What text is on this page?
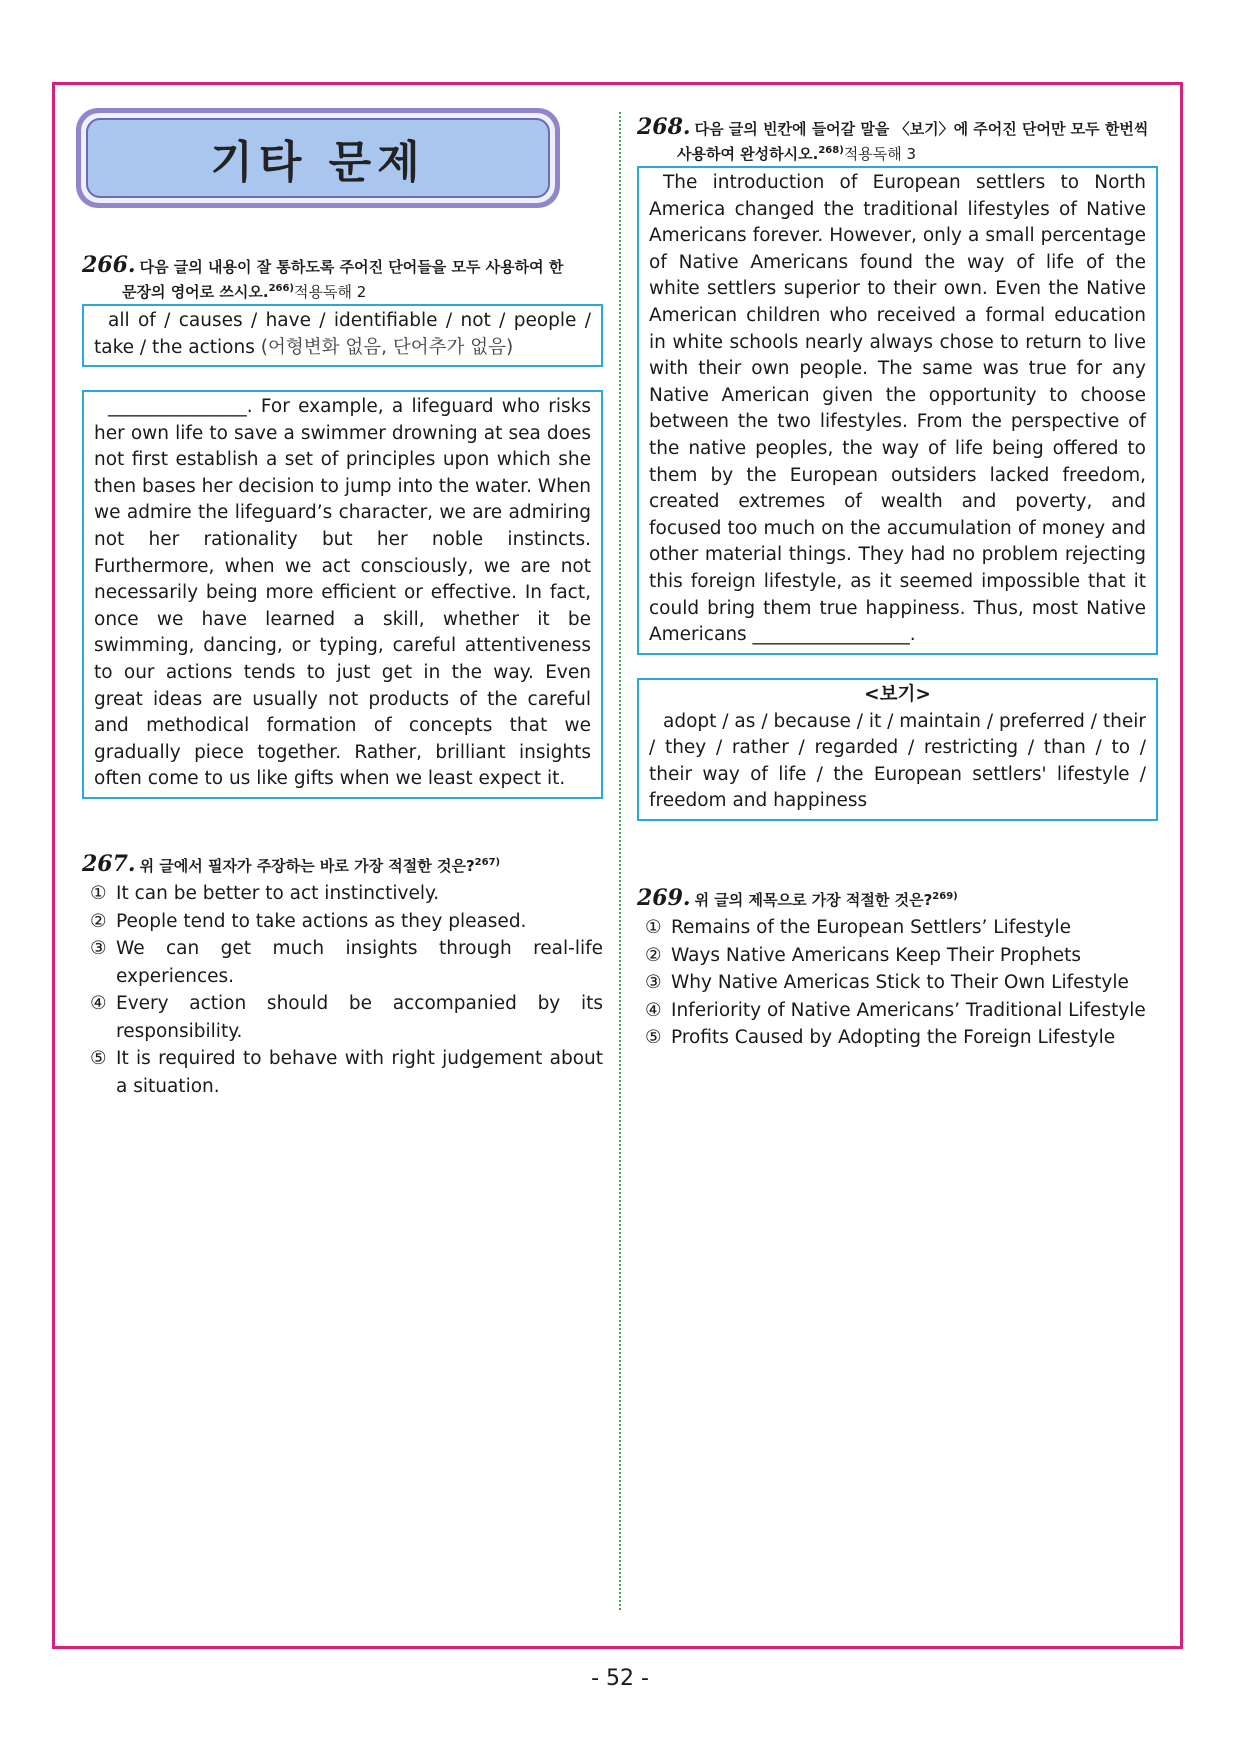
기타 문제
266. 다음 글의 내용이 잘 통하도록 주어진 단어들을 모두 사용하여 한
문장의 영어로 쓰시오.$^{266)}$적용독해 2

all of / causes / have / identifiable / not / people / take / the actions (어형변화 없음, 단어추가 없음)

_______________. For example, a lifeguard who risks her own life to save a swimmer drowning at sea does not first establish a set of principles upon which she then bases her decision to jump into the water. When we admire the lifeguard’s character, we are admiring not her rationality but her noble instincts. Furthermore, when we act consciously, we are not necessarily being more efficient or effective. In fact, once we have learned a skill, whether it be swimming, dancing, or typing, careful attentiveness to our actions tends to just get in the way. Even great ideas are usually not products of the careful and methodical formation of concepts that we gradually piece together. Rather, brilliant insights often come to us like gifts when we least expect it.

267. 위 글에서 필자가 주장하는 바로 가장 적절한 것은?$^{267)}$
① It can be better to act instinctively.
② People tend to take actions as they pleased.
③ We can get much insights through real-life experiences.
④ Every action should be accompanied by its responsibility.
⑤ It is required to behave with right judgement about a situation.
268. 다음 글의 빈칸에 들어갈 말을 〈보기〉에 주어진 단어만 모두 한번씩
사용하여 완성하시오.$^{268)}$적용독해 3

The introduction of European settlers to North America changed the traditional lifestyles of Native Americans forever. However, only a small percentage of Native Americans found the way of life of the white settlers superior to their own. Even the Native American children who received a formal education in white schools nearly always chose to return to live with their own people. The same was true for any Native American given the opportunity to choose between the two lifestyles. From the perspective of the native peoples, the way of life being offered to them by the European outsiders lacked freedom, created extremes of wealth and poverty, and focused too much on the accumulation of money and other material things. They had no problem rejecting this foreign lifestyle, as it seemed impossible that it could bring them true happiness. Thus, most Native Americans _________________.

<보기>

adopt / as / because / it / maintain / preferred / their / they / rather / regarded / restricting / than / to / their way of life / the European settlers' lifestyle / freedom and happiness

269. 위 글의 제목으로 가장 적절한 것은?$^{269)}$
① Remains of the European Settlers’ Lifestyle
② Ways Native Americans Keep Their Prophets
③ Why Native Americas Stick to Their Own Lifestyle
④ Inferiority of Native Americans’ Traditional Lifestyle
⑤ Profits Caused by Adopting the Foreign Lifestyle
- 52 -
